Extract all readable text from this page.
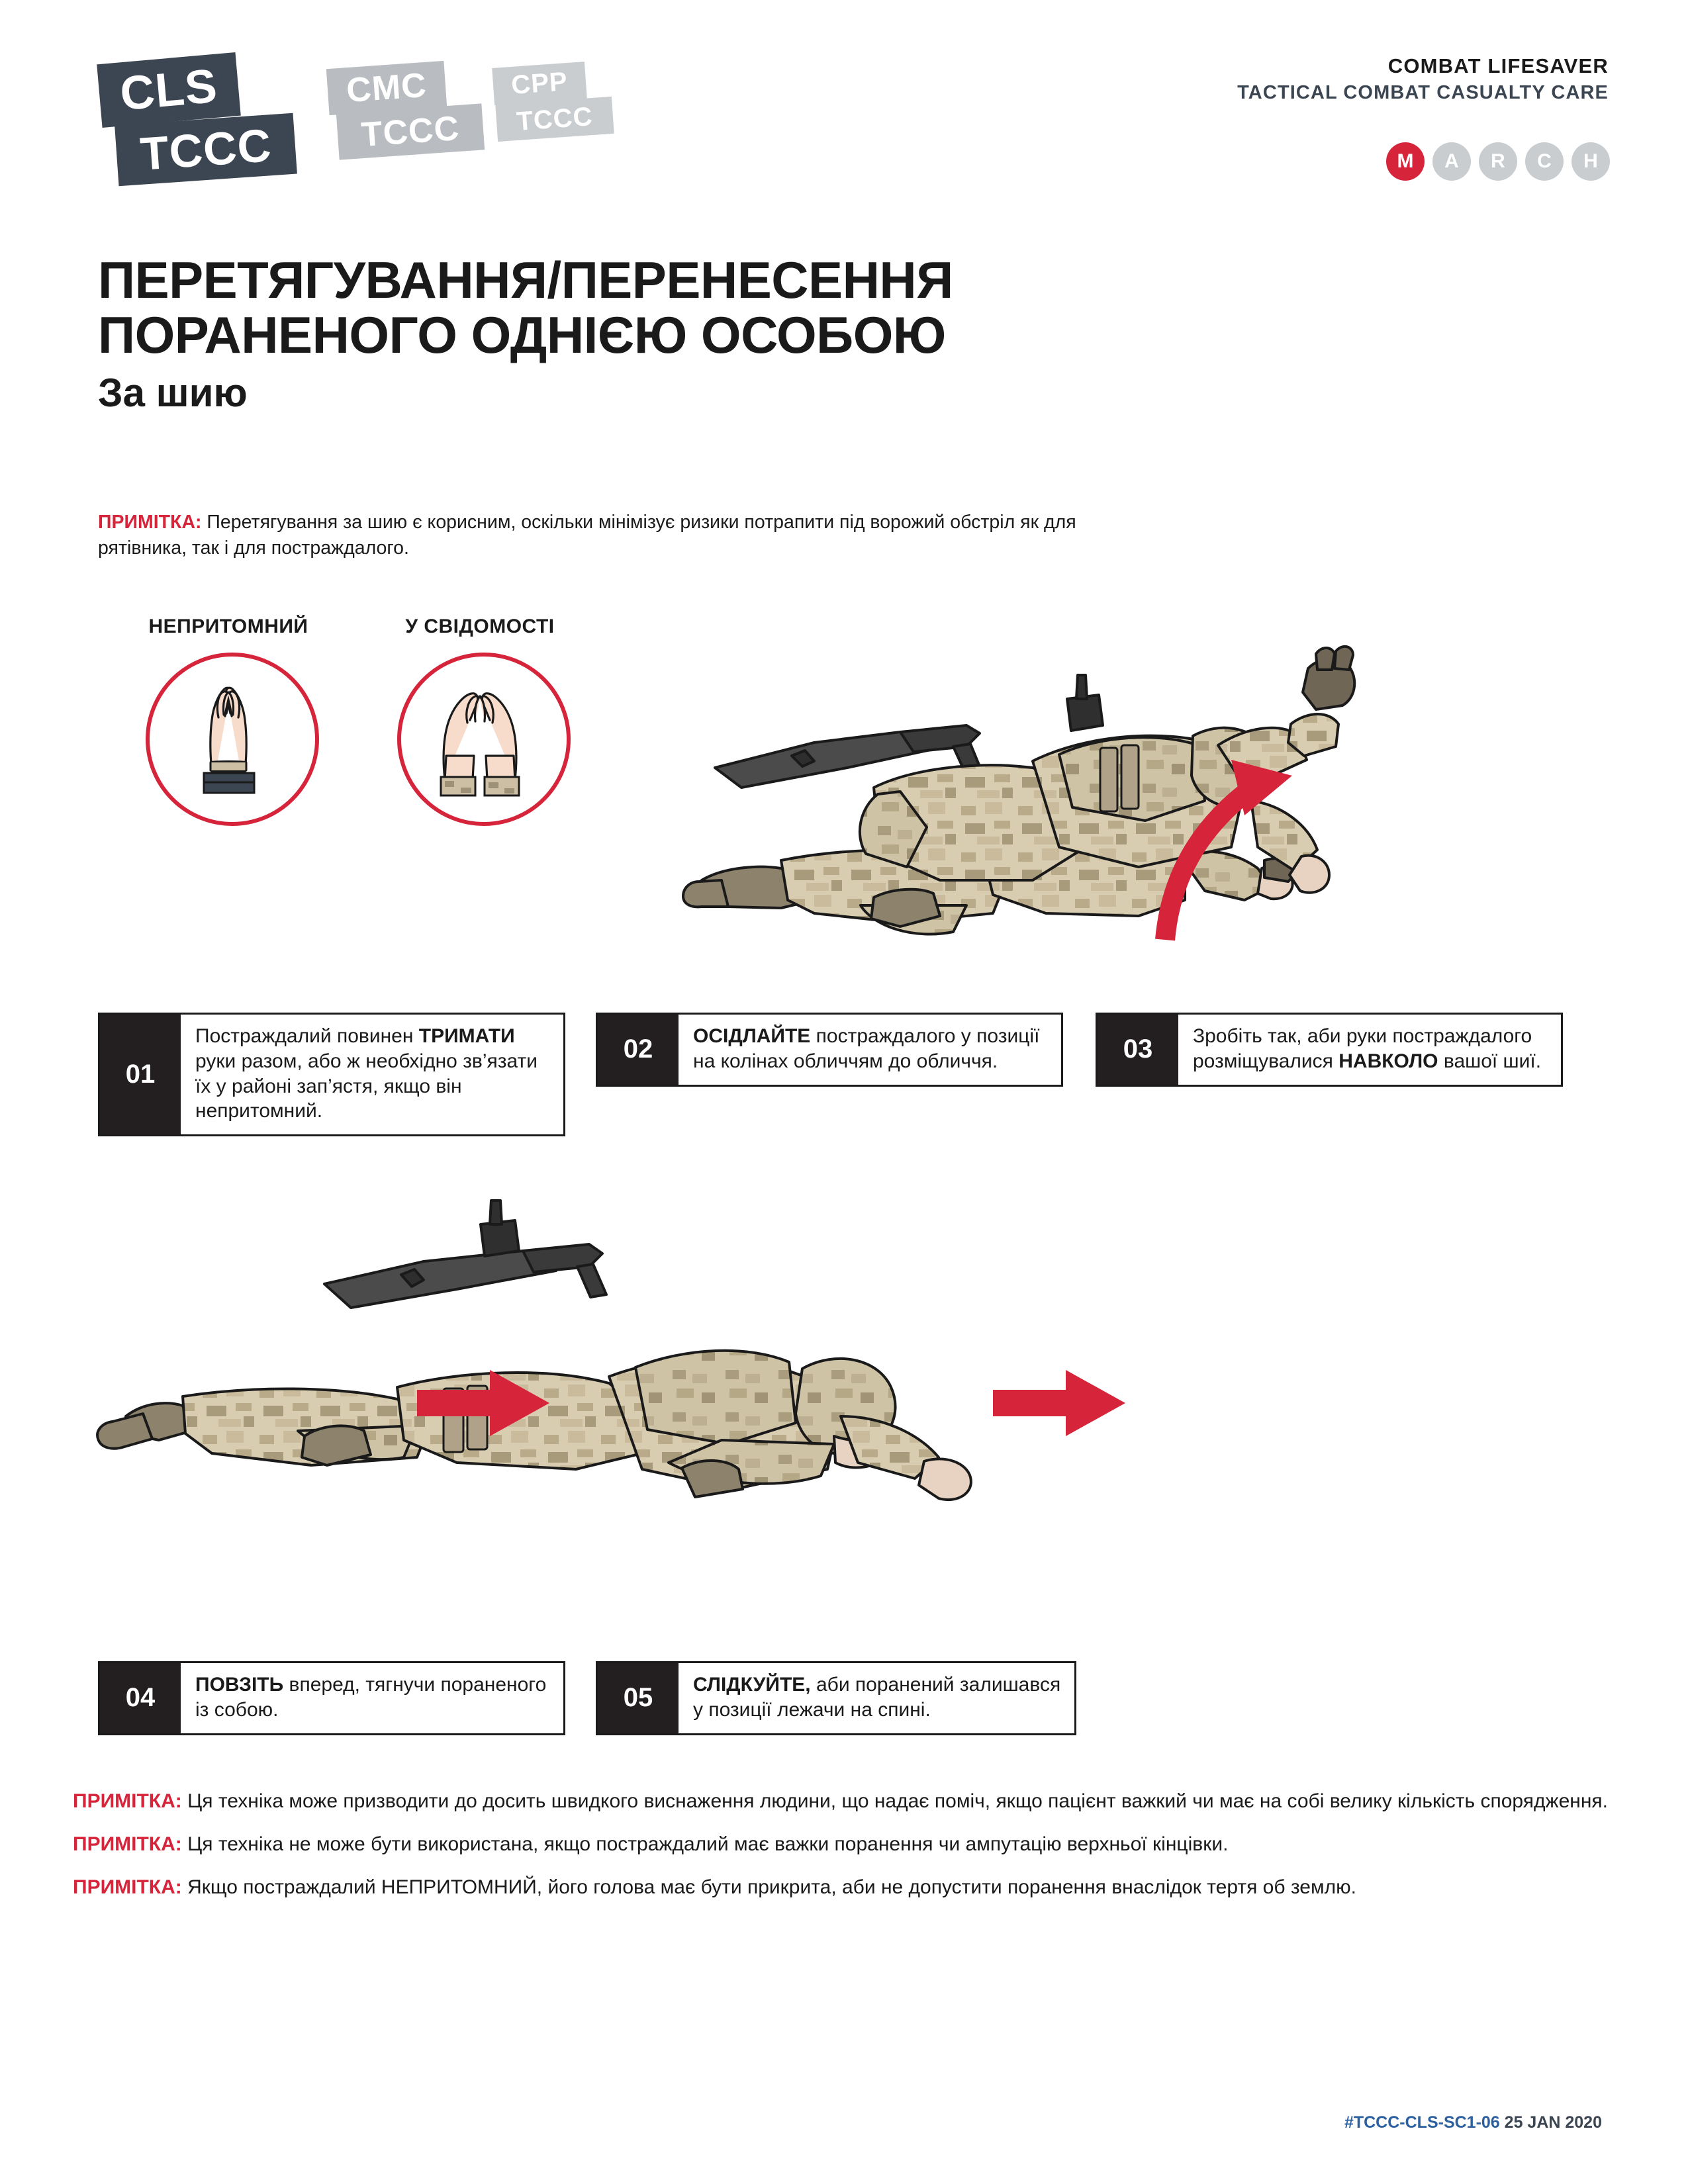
CLS
TCCC
CMC
TCCC
CPP
TCCC
COMBAT LIFESAVER
TACTICAL COMBAT CASUALTY CARE
M	A	R	C	H
ПЕРЕТЯГУВАННЯ/ПЕРЕНЕСЕННЯ
ПОРАНЕНОГО ОДНІЄЮ ОСОБОЮ
За шию
ПРИМІТКА: Перетягування за шию є корисним, оскільки мінімізує ризики потрапити під ворожий обстріл як для рятівника, так і для постраждалого.
НЕПРИТОМНИЙ	У СВІДОМОСТІ
01
Постраждалий повинен ТРИМАТИ руки разом, або ж необхідно зв’язати їх у районі зап’ястя, якщо він непритомний.
02	ОСІДЛАЙТЕ постраждалого у позиції на колінах обличчям до обличчя.	03	Зробіть так, аби руки постраждалого розміщувалися НАВКОЛО вашої шиї.
04	ПОВЗІТЬ вперед, тягнучи пораненого із собою.	05	СЛІДКУЙТЕ, аби поранений залишався у позиції лежачи на спині.
ПРИМІТКА: Ця техніка може призводити до досить швидкого виснаження людини, що надає поміч, якщо пацієнт важкий чи має на собі велику кількість спорядження.
ПРИМІТКА: Ця техніка не може бути використана, якщо постраждалий має важки поранення чи ампутацію верхньої кінцівки.
ПРИМІТКА: Якщо постраждалий НЕПРИТОМНИЙ, його голова має бути прикрита, аби не допустити поранення внаслідок тертя об землю.
#TCCC-CLS-SC1-06 25 JAN 2020
